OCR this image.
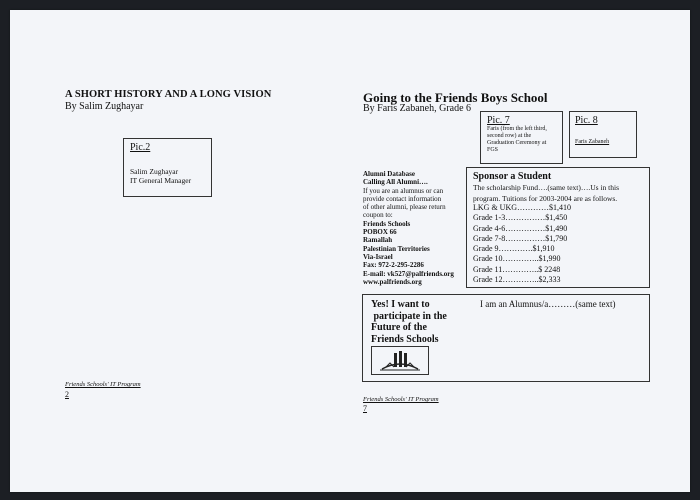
A SHORT HISTORY AND A LONG VISION
By Salim Zughayar
Pic.2
Salim Zughayar
IT General Manager
Friends Schools' IT Program
2
Going to the Friends Boys School
By Faris Zabaneh, Grade 6
Pic. 7
Faris (from the left third,
second row) at the
Graduation Ceremony at
FGS
Pic. 8
Faris Zabaneh
Alumni Database
Calling All Alumni….
If you are an alumnus or can
provide contact information
of other alumni, please return
coupon to:
Friends Schools
POBOX 66
Ramallah
Palestinian Territories
Via-Israel
Fax: 972-2-295-2286
E-mail: vk527@palfriends.org
www.palfriends.org
Sponsor a Student
The scholarship Fund….(same text)….Us in this
program. Tuitions for 2003-2004 are as follows.
LKG & UKG…………$1,410
Grade 1-3……………$1,450
Grade 4-6……………$1,490
Grade 7-8……………$1,790
Grade 9………….$1,910
Grade 10…………..$1,990
Grade 11…………..$ 2248
Grade 12…………..$2,333
Yes! I want to
participate in the
Future of the
Friends Schools
I am an Alumnus/a………(same text)
Friends Schools' IT Program
7
